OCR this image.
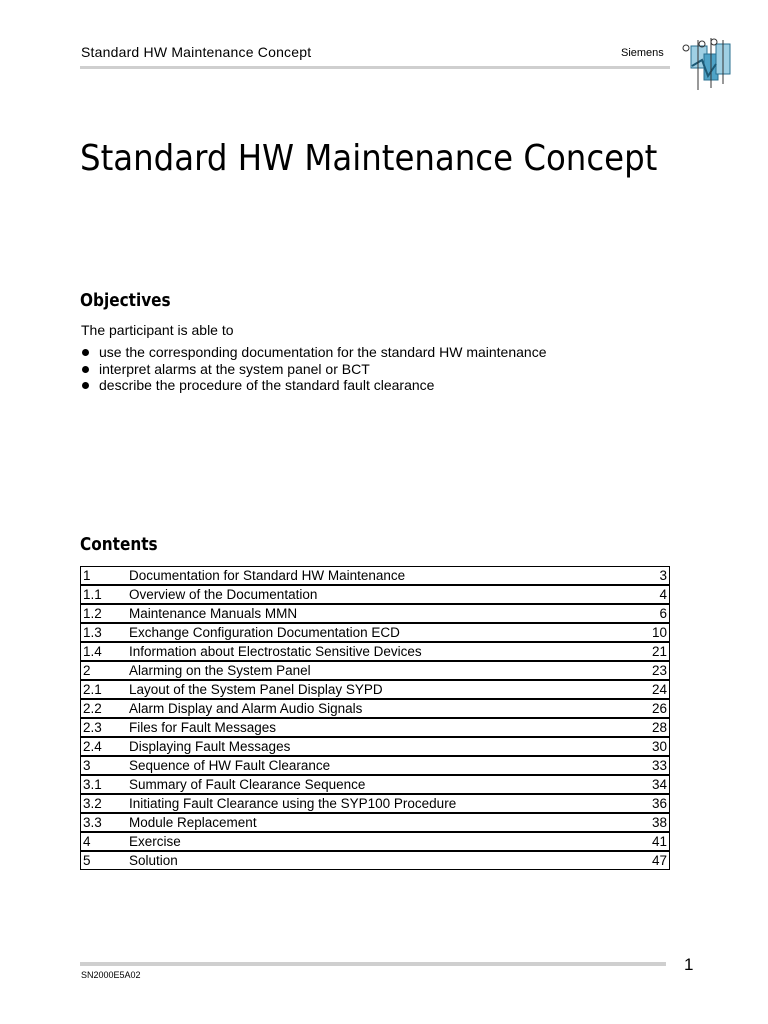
Standard HW Maintenance Concept	Siemens
Standard HW Maintenance Concept
Objectives
The participant is able to
use the corresponding documentation for the standard HW maintenance
interpret alarms at the system panel or BCT
describe the procedure of the standard fault clearance
Contents
1	Documentation for Standard HW Maintenance	3
1.1	Overview of the Documentation	4
1.2	Maintenance Manuals MMN	6
1.3	Exchange Configuration Documentation ECD	10
1.4	Information about Electrostatic Sensitive Devices	21
2	Alarming on the System Panel	23
2.1	Layout of the System Panel Display SYPD	24
2.2	Alarm Display and Alarm Audio Signals	26
2.3	Files for Fault Messages	28
2.4	Displaying Fault Messages	30
3	Sequence of HW Fault Clearance	33
3.1	Summary of Fault Clearance Sequence	34
3.2	Initiating Fault Clearance using the SYP100 Procedure	36
3.3	Module Replacement	38
4	Exercise	41
5	Solution	47
SN2000E5A02
1
